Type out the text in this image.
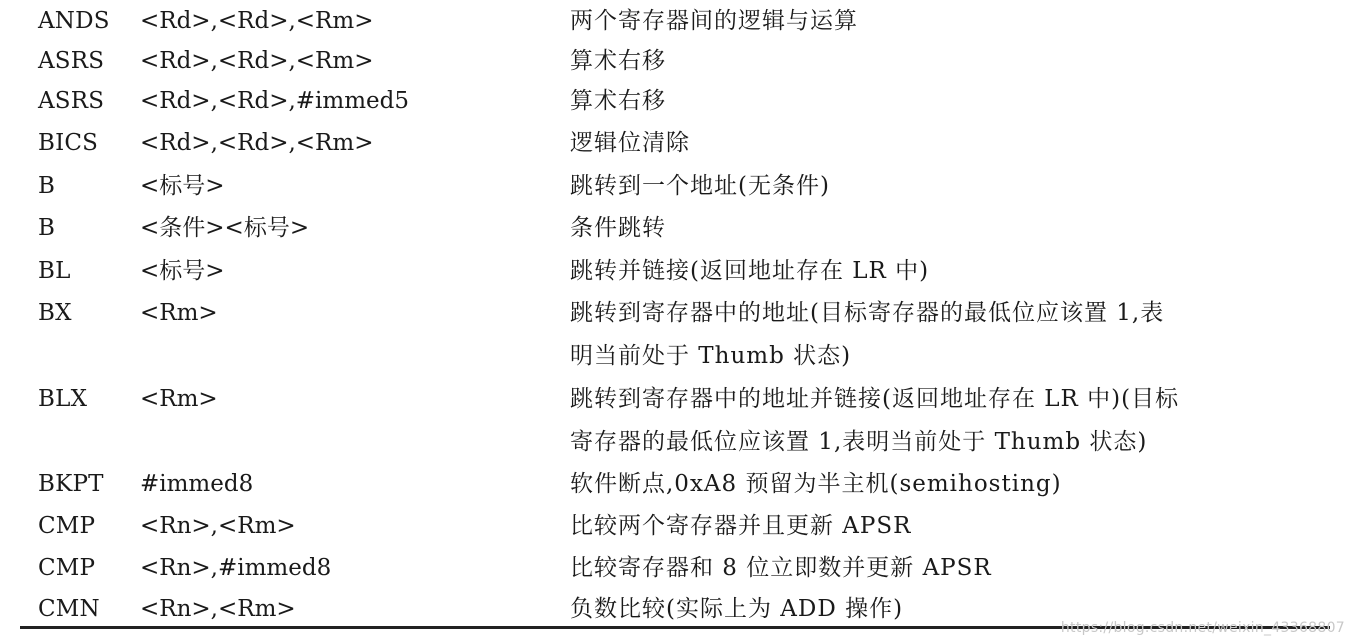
ANDS <Rd>,<Rd>,<Rm>	两个寄存器间的逻辑与运算
ASRS <Rd>,<Rd>,<Rm>	算术右移
ASRS <Rd>,<Rd>,#immed5	算术右移
BICS <Rd>,<Rd>,<Rm>	逻辑位清除
B	<标号>	跳转到一个地址(无条件)
B	<条件><标号>	条件跳转
BL	<标号>	跳转并链接(返回地址存在 LR 中)
BX	<Rm>	跳转到寄存器中的地址(目标寄存器的最低位应该置 1,表
明当前处于 Thumb 状态)
BLX <Rm>	跳转到寄存器中的地址并链接(返回地址存在 LR 中)(目标
寄存器的最低位应该置 1,表明当前处于 Thumb 状态)
BKPT #immed8	软件断点,0xA8 预留为半主机(semihosting)
CMP <Rn>,<Rm>	比较两个寄存器并且更新 APSR
CMP <Rn>,#immed8	比较寄存器和 8 位立即数并更新 APSR
CMN <Rn>,<Rm>	负数比较(实际上为 ADD 操作)
https://blog.csdn.net/weixin_43368807
